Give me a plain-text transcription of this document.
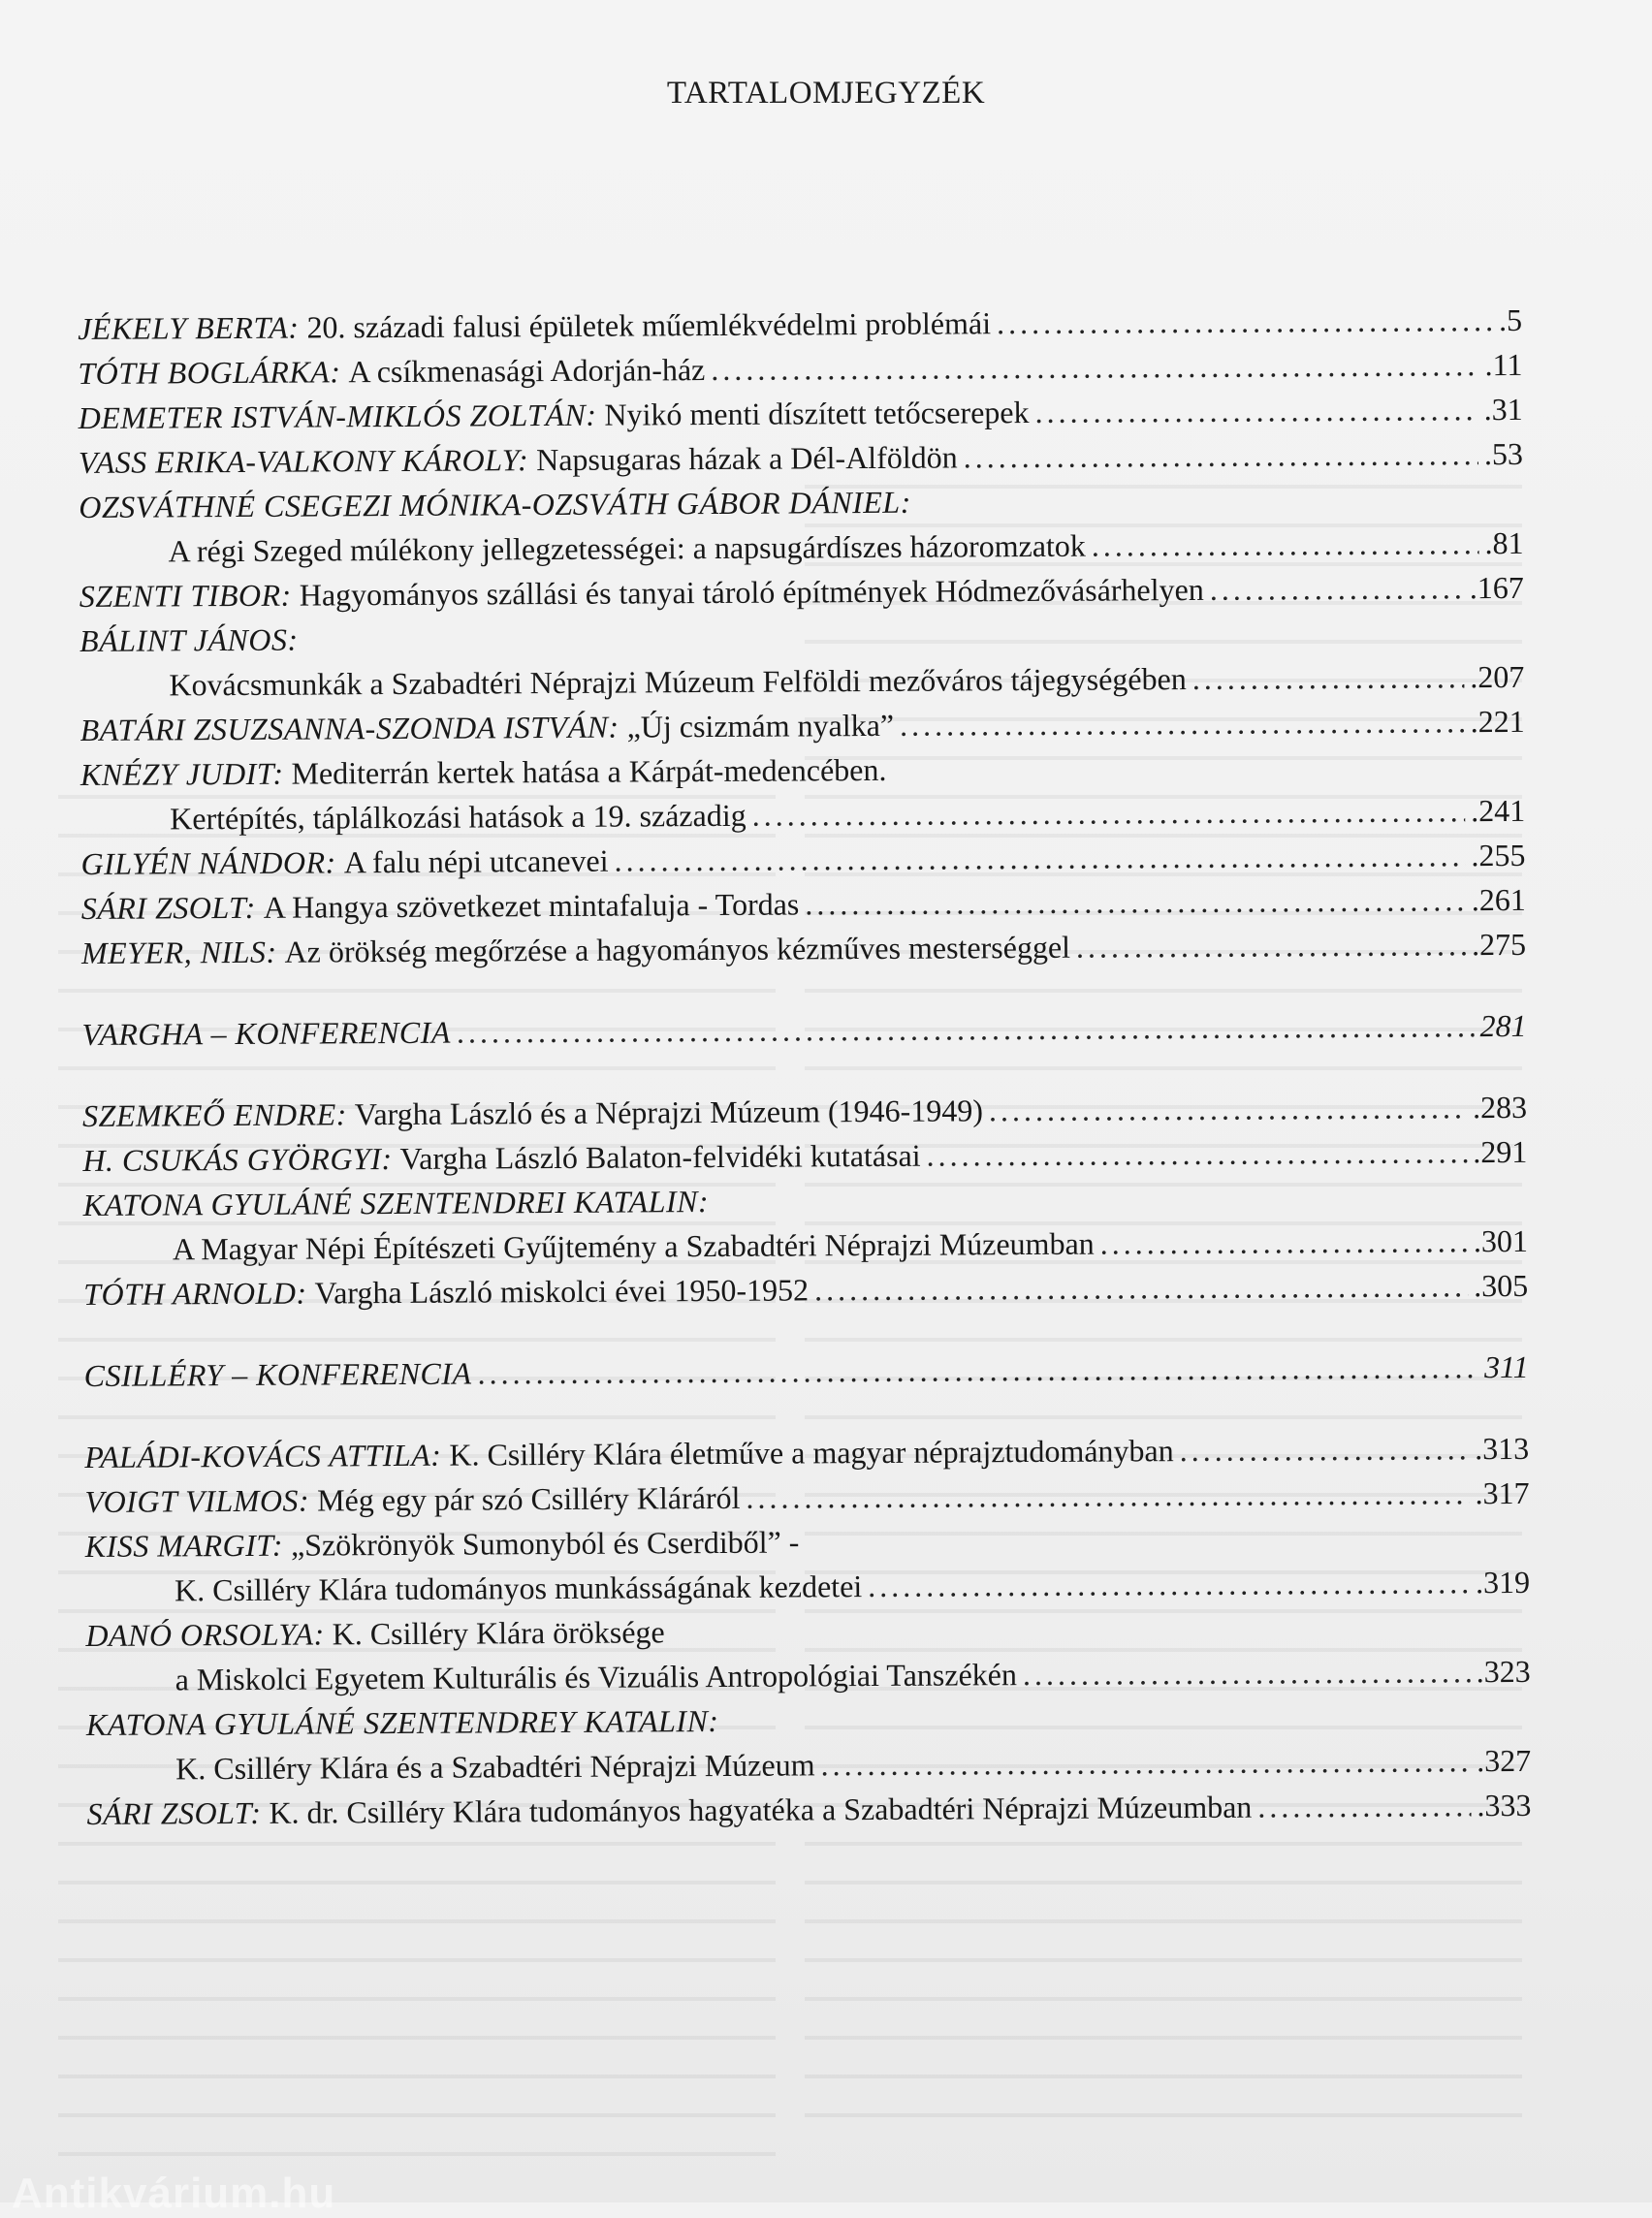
TARTALOMJEGYZÉK
JÉKELY BERTA:
20. századi falusi épületek műemlékvédelmi problémái . . .	.5
TÓTH BOGLÁRKA:
A csíkmenasági Adorján-ház . . .	.11
DEMETER ISTVÁN-MIKLÓS ZOLTÁN:
Nyikó menti díszített tetőcserepek . . .	.31
VASS ERIKA-VALKONY KÁROLY:
Napsugaras házak a Dél-Alföldön . . .	.53
OZSVÁTHNÉ CSEGEZI MÓNIKA-OZSVÁTH GÁBOR DÁNIEL:
A régi Szeged múlékony jellegzetességei: a napsugárdíszes házoromzatok . . .	.81
SZENTI TIBOR:
Hagyományos szállási és tanyai tároló építmények Hódmezővásárhelyen . . .	.167
BÁLINT JÁNOS:
Kovácsmunkák a Szabadtéri Néprajzi Múzeum Felföldi mezőváros tájegységében . . .	.207
BATÁRI ZSUZSANNA-SZONDA ISTVÁN:
„Új csizmám nyalka” . . .	.221
KNÉZY JUDIT:
Mediterrán kertek hatása a Kárpát-medencében.
Kertépítés, táplálkozási hatások a 19. századig . . .	.241
GILYÉN NÁNDOR:
A falu népi utcanevei . . .	.255
SÁRI ZSOLT:
A Hangya szövetkezet mintafaluja - Tordas . . .	.261
MEYER, NILS:
Az örökség megőrzése a hagyományos kézműves mesterséggel . . .	.275
VARGHA – KONFERENCIA . . .	281
SZEMKEŐ ENDRE:
Vargha László és a Néprajzi Múzeum (1946-1949) . . .	.283
H. CSUKÁS GYÖRGYI:
Vargha László Balaton-felvidéki kutatásai . . .	.291
KATONA GYULÁNÉ SZENTENDREI KATALIN:
A Magyar Népi Építészeti Gyűjtemény a Szabadtéri Néprajzi Múzeumban . . .	.301
TÓTH ARNOLD:
Vargha László miskolci évei 1950-1952 . . .	.305
CSILLÉRY – KONFERENCIA . . .	311
PALÁDI-KOVÁCS ATTILA:
K. Csilléry Klára életműve a magyar néprajztudományban . . .	.313
VOIGT VILMOS:
Még egy pár szó Csilléry Kláráról . . .	.317
KISS MARGIT:
„Szökrönyök Sumonyból és Cserdiből” -
K. Csilléry Klára tudományos munkásságának kezdetei . . .	.319
DANÓ ORSOLYA:
K. Csilléry Klára öröksége
a Miskolci Egyetem Kulturális és Vizuális Antropológiai Tanszékén . . .	.323
KATONA GYULÁNÉ SZENTENDREY KATALIN:
K. Csilléry Klára és a Szabadtéri Néprajzi Múzeum . . .	.327
SÁRI ZSOLT:
K. dr. Csilléry Klára tudományos hagyatéka a Szabadtéri Néprajzi Múzeumban . . .	.333
Antikvárium.hu
